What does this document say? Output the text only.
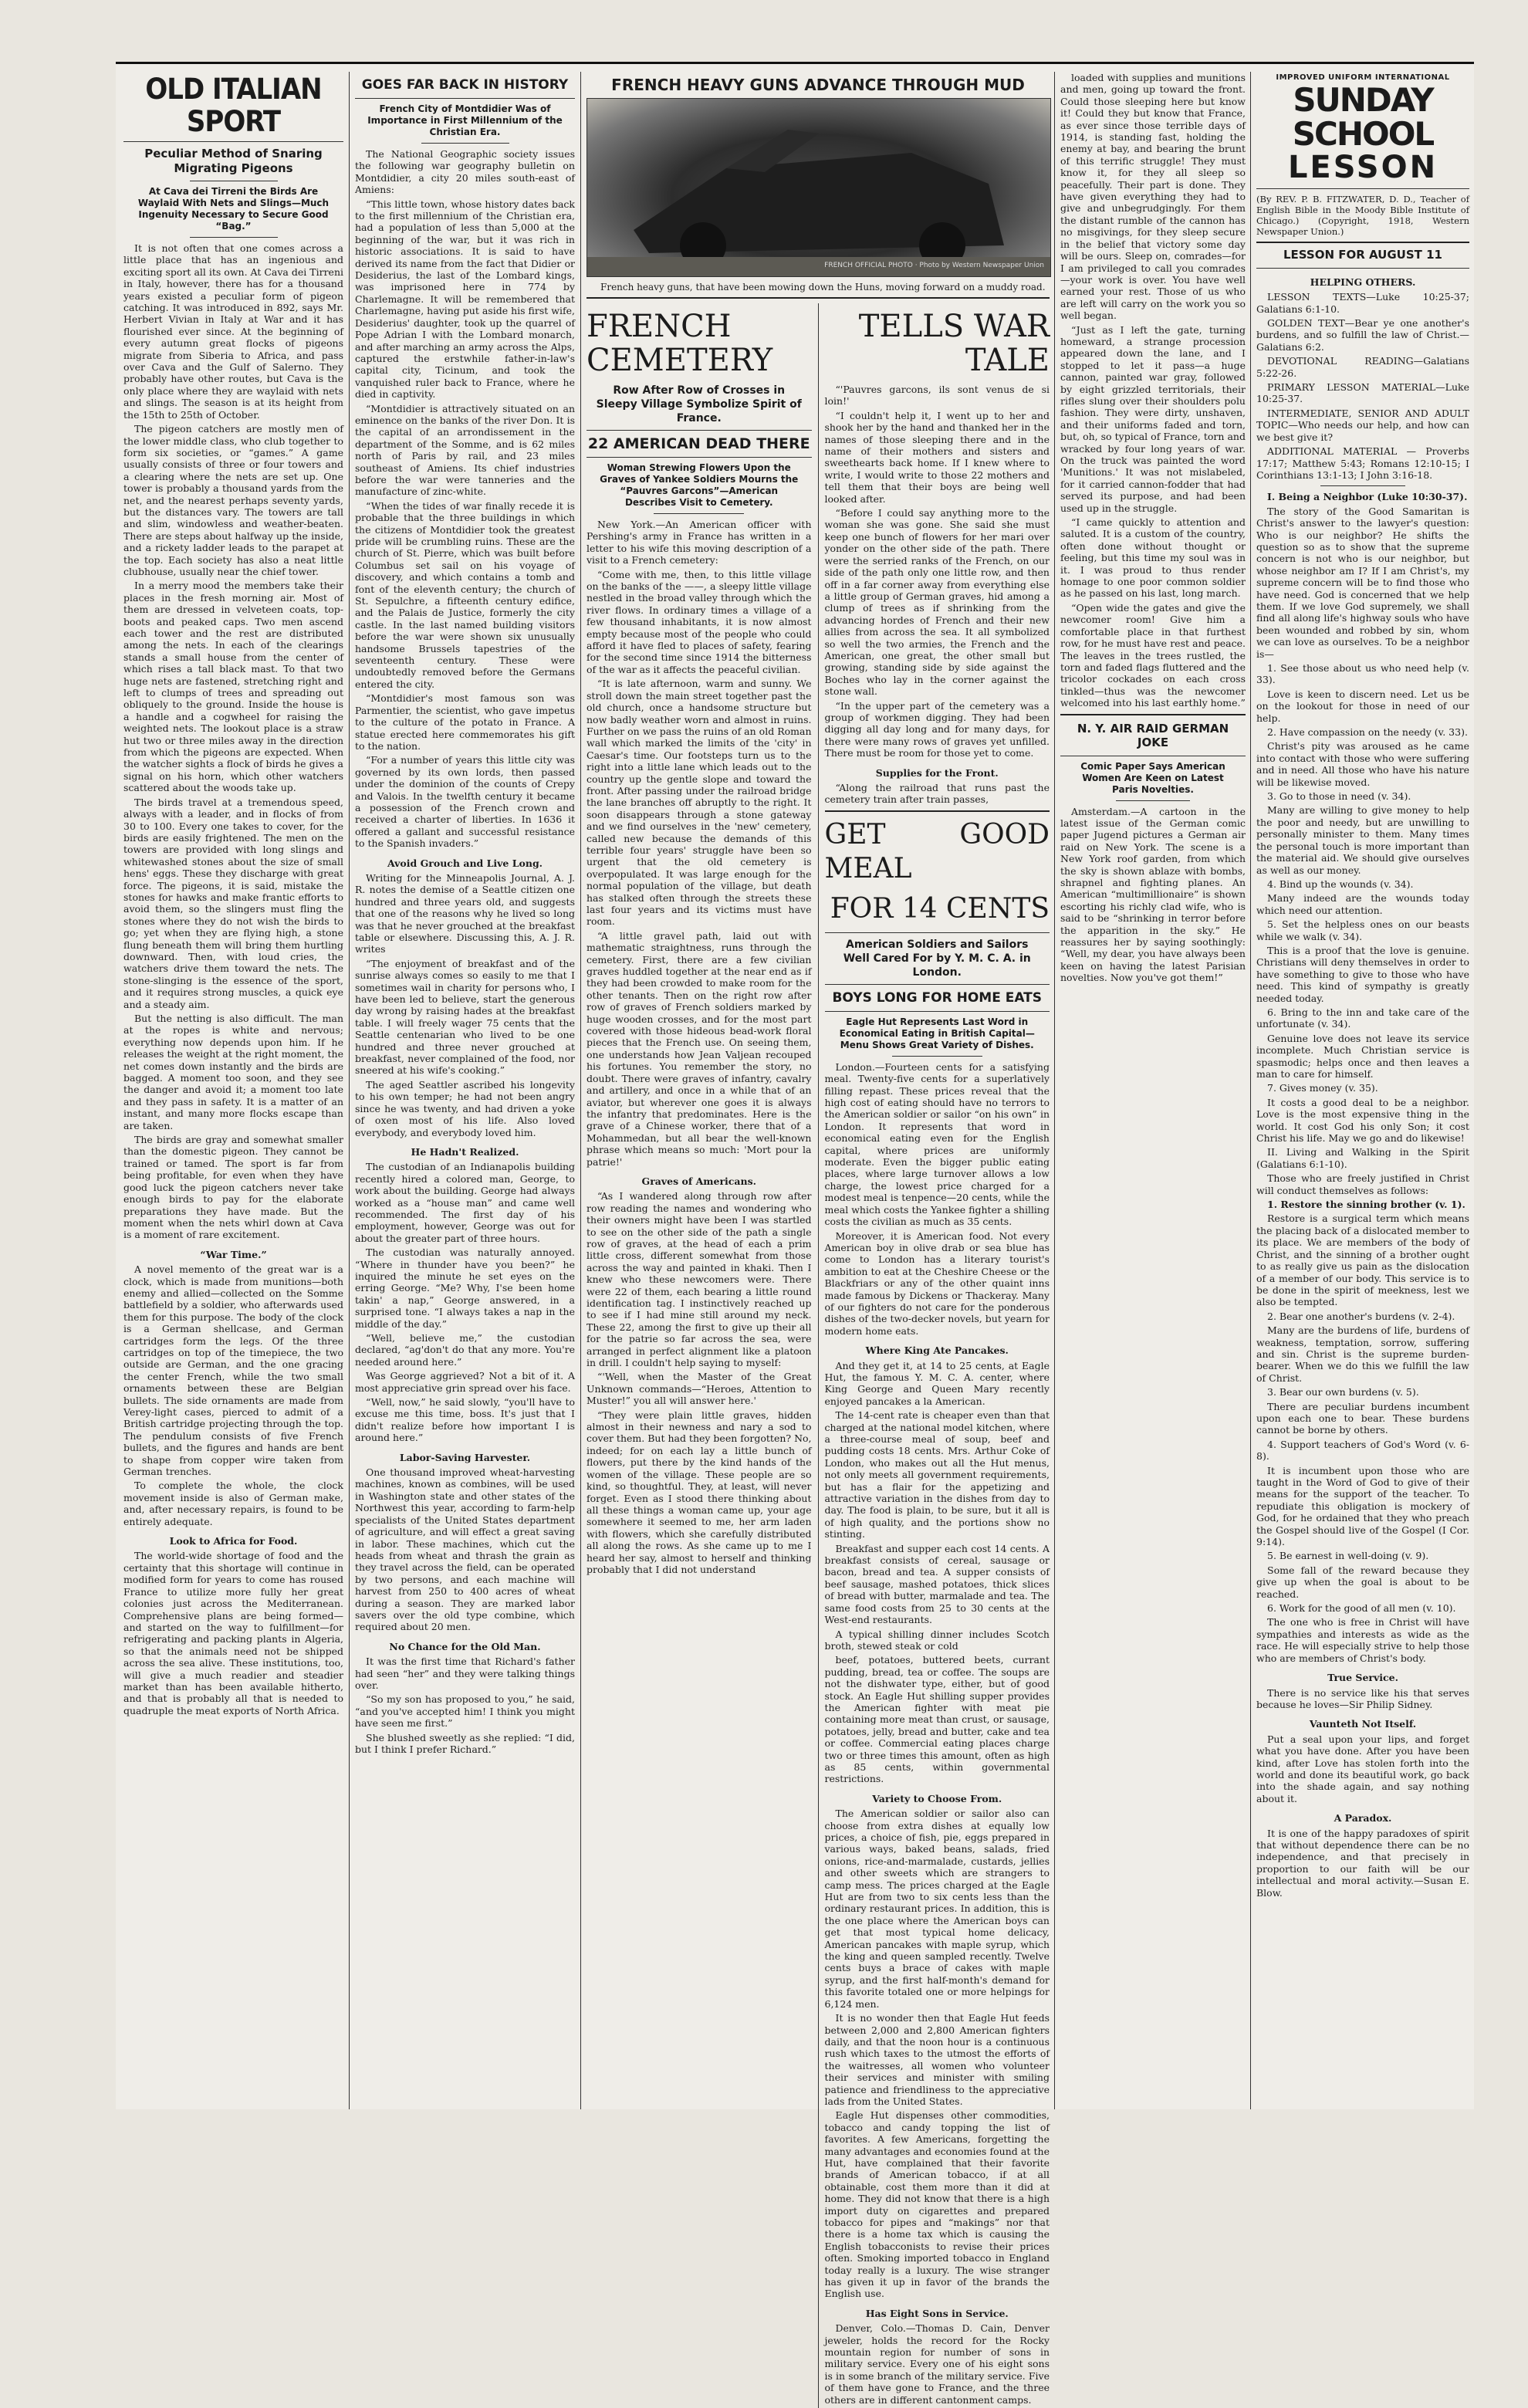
OLD ITALIAN SPORT
Peculiar Method of Snaring Migrating Pigeons
At Cava dei Tirreni the Birds Are Waylaid With Nets and Slings—Much Ingenuity Necessary to Secure Good “Bag.”

It is not often that one comes across a little place that has an ingenious and exciting sport all its own. At Cava dei Tirreni in Italy, however, there has for a thousand years existed a peculiar form of pigeon catching. It was introduced in 892, says Mr. Herbert Vivian in Italy at War and it has flourished ever since. At the beginning of every autumn great flocks of pigeons migrate from Siberia to Africa, and pass over Cava and the Gulf of Salerno. They probably have other routes, but Cava is the only place where they are waylaid with nets and slings. The season is at its height from the 15th to 25th of October.

The pigeon catchers are mostly men of the lower middle class, who club together to form six societies, or “games.” A game usually consists of three or four towers and a clearing where the nets are set up. One tower is probably a thousand yards from the net, and the nearest perhaps seventy yards, but the distances vary. The towers are tall and slim, windowless and weather-beaten. There are steps about halfway up the inside, and a rickety ladder leads to the parapet at the top. Each society has also a neat little clubhouse, usually near the chief tower.

In a merry mood the members take their places in the fresh morning air. Most of them are dressed in velveteen coats, top-boots and peaked caps. Two men ascend each tower and the rest are distributed among the nets. In each of the clearings stands a small house from the center of which rises a tall black mast. To that two huge nets are fastened, stretching right and left to clumps of trees and spreading out obliquely to the ground. Inside the house is a handle and a cogwheel for raising the weighted nets. The lookout place is a straw hut two or three miles away in the direction from which the pigeons are expected. When the watcher sights a flock of birds he gives a signal on his horn, which other watchers scattered about the woods take up.

The birds travel at a tremendous speed, always with a leader, and in flocks of from 30 to 100. Every one takes to cover, for the birds are easily frightened. The men on the towers are provided with long slings and whitewashed stones about the size of small hens' eggs. These they discharge with great force. The pigeons, it is said, mistake the stones for hawks and make frantic efforts to avoid them, so the slingers must fling the stones where they do not wish the birds to go; yet when they are flying high, a stone flung beneath them will bring them hurtling downward. Then, with loud cries, the watchers drive them toward the nets. The stone-slinging is the essence of the sport, and it requires strong muscles, a quick eye and a steady aim.

But the netting is also difficult. The man at the ropes is white and nervous; everything now depends upon him. If he releases the weight at the right moment, the net comes down instantly and the birds are bagged. A moment too soon, and they see the danger and avoid it; a moment too late and they pass in safety. It is a matter of an instant, and many more flocks escape than are taken.

The birds are gray and somewhat smaller than the domestic pigeon. They cannot be trained or tamed. The sport is far from being profitable, for even when they have good luck the pigeon catchers never take enough birds to pay for the elaborate preparations they have made. But the moment when the nets whirl down at Cava is a moment of rare excitement.

“War Time.”

A novel memento of the great war is a clock, which is made from munitions—both enemy and allied—collected on the Somme battlefield by a soldier, who afterwards used them for this purpose. The body of the clock is a German shellcase, and German cartridges form the legs. Of the three cartridges on top of the timepiece, the two outside are German, and the one gracing the center French, while the two small ornaments between these are Belgian bullets. The side ornaments are made from Verey-light cases, pierced to admit of a British cartridge projecting through the top. The pendulum consists of five French bullets, and the figures and hands are bent to shape from copper wire taken from German trenches.

To complete the whole, the clock movement inside is also of German make, and, after necessary repairs, is found to be entirely adequate.

Look to Africa for Food.

The world-wide shortage of food and the certainty that this shortage will continue in modified form for years to come has roused France to utilize more fully her great colonies just across the Mediterranean. Comprehensive plans are being formed—and started on the way to fulfillment—for refrigerating and packing plants in Algeria, so that the animals need not be shipped across the sea alive. These institutions, too, will give a much readier and steadier market than has been available hitherto, and that is probably all that is needed to quadruple the meat exports of North Africa.

GOES FAR BACK IN HISTORY
French City of Montdidier Was of Importance in First Millennium of the Christian Era.

The National Geographic society issues the following war geography bulletin on Montdidier, a city 20 miles south-east of Amiens:

“This little town, whose history dates back to the first millennium of the Christian era, had a population of less than 5,000 at the beginning of the war, but it was rich in historic associations. It is said to have derived its name from the fact that Didier or Desiderius, the last of the Lombard kings, was imprisoned here in 774 by Charlemagne. It will be remembered that Charlemagne, having put aside his first wife, Desiderius' daughter, took up the quarrel of Pope Adrian I with the Lombard monarch, and after marching an army across the Alps, captured the erstwhile father-in-law's capital city, Ticinum, and took the vanquished ruler back to France, where he died in captivity.

“Montdidier is attractively situated on an eminence on the banks of the river Don. It is the capital of an arrondissement in the department of the Somme, and is 62 miles north of Paris by rail, and 23 miles southeast of Amiens. Its chief industries before the war were tanneries and the manufacture of zinc-white.

“When the tides of war finally recede it is probable that the three buildings in which the citizens of Montdidier took the greatest pride will be crumbling ruins. These are the church of St. Pierre, which was built before Columbus set sail on his voyage of discovery, and which contains a tomb and font of the eleventh century; the church of St. Sepulchre, a fifteenth century edifice, and the Palais de Justice, formerly the city castle. In the last named building visitors before the war were shown six unusually handsome Brussels tapestries of the seventeenth century. These were undoubtedly removed before the Germans entered the city.

“Montdidier's most famous son was Parmentier, the scientist, who gave impetus to the culture of the potato in France. A statue erected here commemorates his gift to the nation.

“For a number of years this little city was governed by its own lords, then passed under the dominion of the counts of Crepy and Valois. In the twelfth century it became a possession of the French crown and received a charter of liberties. In 1636 it offered a gallant and successful resistance to the Spanish invaders.”

Avoid Grouch and Live Long.

Writing for the Minneapolis Journal, A. J. R. notes the demise of a Seattle citizen one hundred and three years old, and suggests that one of the reasons why he lived so long was that he never grouched at the breakfast table or elsewhere. Discussing this, A. J. R. writes

“The enjoyment of breakfast and of the sunrise always comes so easily to me that I sometimes wail in charity for persons who, I have been led to believe, start the generous day wrong by raising hades at the breakfast table. I will freely wager 75 cents that the Seattle centenarian who lived to be one hundred and three never grouched at breakfast, never complained of the food, nor sneered at his wife's cooking.”

The aged Seattler ascribed his longevity to his own temper; he had not been angry since he was twenty, and had driven a yoke of oxen most of his life. Also loved everybody, and everybody loved him.

He Hadn't Realized.

The custodian of an Indianapolis building recently hired a colored man, George, to work about the building. George had always worked as a “house man” and came well recommended. The first day of his employment, however, George was out for about the greater part of three hours.

The custodian was naturally annoyed. “Where in thunder have you been?” he inquired the minute he set eyes on the erring George. “Me? Why, I'se been home takin' a nap,” George answered, in a surprised tone. “I always takes a nap in the middle of the day.”

“Well, believe me,” the custodian declared, “ag'don't do that any more. You're needed around here.”

Was George aggrieved? Not a bit of it. A most appreciative grin spread over his face.

“Well, now,” he said slowly, “you'll have to excuse me this time, boss. It's just that I didn't realize before how important I is around here.”

Labor-Saving Harvester.

One thousand improved wheat-harvesting machines, known as combines, will be used in Washington state and other states of the Northwest this year, according to farm-help specialists of the United States department of agriculture, and will effect a great saving in labor. These machines, which cut the heads from wheat and thrash the grain as they travel across the field, can be operated by two persons, and each machine will harvest from 250 to 400 acres of wheat during a season. They are marked labor savers over the old type combine, which required about 20 men.

No Chance for the Old Man.

It was the first time that Richard's father had seen “her” and they were talking things over.

“So my son has proposed to you,” he said, “and you've accepted him! I think you might have seen me first.”

She blushed sweetly as she replied: “I did, but I think I prefer Richard.”

FRENCH HEAVY GUNS ADVANCE THROUGH MUD
FRENCH OFFICIAL PHOTO · Photo by Western Newspaper Union
French heavy guns, that have been mowing down the Huns, moving forward on a muddy road.
FRENCH CEMETERY
Row After Row of Crosses in Sleepy Village Symbolize Spirit of France.
22 AMERICAN DEAD THERE
Woman Strewing Flowers Upon the Graves of Yankee Soldiers Mourns the “Pauvres Garcons”—American Describes Visit to Cemetery.

New York.—An American officer with Pershing's army in France has written in a letter to his wife this moving description of a visit to a French cemetery:

“Come with me, then, to this little village on the banks of the ——, a sleepy little village nestled in the broad valley through which the river flows. In ordinary times a village of a few thousand inhabitants, it is now almost empty because most of the people who could afford it have fled to places of safety, fearing for the second time since 1914 the bitterness of the war as it affects the peaceful civilian.

“It is late afternoon, warm and sunny. We stroll down the main street together past the old church, once a handsome structure but now badly weather worn and almost in ruins. Further on we pass the ruins of an old Roman wall which marked the limits of the 'city' in Caesar's time. Our footsteps turn us to the right into a little lane which leads out to the country up the gentle slope and toward the front. After passing under the railroad bridge the lane branches off abruptly to the right. It soon disappears through a stone gateway and we find ourselves in the 'new' cemetery, called new because the demands of this terrible four years' struggle have been so urgent that the old cemetery is overpopulated. It was large enough for the normal population of the village, but death has stalked often through the streets these last four years and its victims must have room.

“A little gravel path, laid out with mathematic straightness, runs through the cemetery. First, there are a few civilian graves huddled together at the near end as if they had been crowded to make room for the other tenants. Then on the right row after row of graves of French soldiers marked by huge wooden crosses, and for the most part covered with those hideous bead-work floral pieces that the French use. On seeing them, one understands how Jean Valjean recouped his fortunes. You remember the story, no doubt. There were graves of infantry, cavalry and artillery, and once in a while that of an aviator, but wherever one goes it is always the infantry that predominates. Here is the grave of a Chinese worker, there that of a Mohammedan, but all bear the well-known phrase which means so much: 'Mort pour la patrie!'

Graves of Americans.

“As I wandered along through row after row reading the names and wondering who their owners might have been I was startled to see on the other side of the path a single row of graves, at the head of each a prim little cross, different somewhat from those across the way and painted in khaki. Then I knew who these newcomers were. There were 22 of them, each bearing a little round identification tag. I instinctively reached up to see if I had mine still around my neck. These 22, among the first to give up their all for the patrie so far across the sea, were arranged in perfect alignment like a platoon in drill. I couldn't help saying to myself:

“'Well, when the Master of the Great Unknown commands—“Heroes, Attention to Muster!” you all will answer here.'

“They were plain little graves, hidden almost in their newness and nary a sod to cover them. But had they been forgotten? No, indeed; for on each lay a little bunch of flowers, put there by the kind hands of the women of the village. These people are so kind, so thoughtful. They, at least, will never forget. Even as I stood there thinking about all these things a woman came up, your age somewhere it seemed to me, her arm laden with flowers, which she carefully distributed all along the rows. As she came up to me I heard her say, almost to herself and thinking probably that I did not understand

TELLS WAR TALE

“'Pauvres garcons, ils sont venus de si loin!'

“I couldn't help it, I went up to her and shook her by the hand and thanked her in the names of those sleeping there and in the name of their mothers and sisters and sweethearts back home. If I knew where to write, I would write to those 22 mothers and tell them that their boys are being well looked after.

“Before I could say anything more to the woman she was gone. She said she must keep one bunch of flowers for her mari over yonder on the other side of the path. There were the serried ranks of the French, on our side of the path only one little row, and then off in a far corner away from everything else a little group of German graves, hid among a clump of trees as if shrinking from the advancing hordes of French and their new allies from across the sea. It all symbolized so well the two armies, the French and the American, one great, the other small but growing, standing side by side against the Boches who lay in the corner against the stone wall.

“In the upper part of the cemetery was a group of workmen digging. They had been digging all day long and for many days, for there were many rows of graves yet unfilled. There must be room for those yet to come.

Supplies for the Front.

“Along the railroad that runs past the cemetery train after train passes,

GET GOOD MEAL
FOR 14 CENTS
American Soldiers and Sailors Well Cared For by Y. M. C. A. in London.
BOYS LONG FOR HOME EATS
Eagle Hut Represents Last Word in Economical Eating in British Capital—Menu Shows Great Variety of Dishes.

London.—Fourteen cents for a satisfying meal. Twenty-five cents for a superlatively filling repast. These prices reveal that the high cost of eating should have no terrors to the American soldier or sailor “on his own” in London. It represents that word in economical eating even for the English capital, where prices are uniformly moderate. Even the bigger public eating places, where large turnover allows a low charge, the lowest price charged for a modest meal is tenpence—20 cents, while the meal which costs the Yankee fighter a shilling costs the civilian as much as 35 cents.

Moreover, it is American food. Not every American boy in olive drab or sea blue has come to London has a literary tourist's ambition to eat at the Cheshire Cheese or the Blackfriars or any of the other quaint inns made famous by Dickens or Thackeray. Many of our fighters do not care for the ponderous dishes of the two-decker novels, but yearn for modern home eats.

Where King Ate Pancakes.

And they get it, at 14 to 25 cents, at Eagle Hut, the famous Y. M. C. A. center, where King George and Queen Mary recently enjoyed pancakes a la American.

The 14-cent rate is cheaper even than that charged at the national model kitchen, where a three-course meal of soup, beef and pudding costs 18 cents. Mrs. Arthur Coke of London, who makes out all the Hut menus, not only meets all government requirements, but has a flair for the appetizing and attractive variation in the dishes from day to day. The food is plain, to be sure, but it all is of high quality, and the portions show no stinting.

Breakfast and supper each cost 14 cents. A breakfast consists of cereal, sausage or bacon, bread and tea. A supper consists of beef sausage, mashed potatoes, thick slices of bread with butter, marmalade and tea. The same food costs from 25 to 30 cents at the West-end restaurants.

A typical shilling dinner includes Scotch broth, stewed steak or cold

beef, potatoes, buttered beets, currant pudding, bread, tea or coffee. The soups are not the dishwater type, either, but of good stock. An Eagle Hut shilling supper provides the American fighter with meat pie containing more meat than crust, or sausage, potatoes, jelly, bread and butter, cake and tea or coffee. Commercial eating places charge two or three times this amount, often as high as 85 cents, within governmental restrictions.

Variety to Choose From.

The American soldier or sailor also can choose from extra dishes at equally low prices, a choice of fish, pie, eggs prepared in various ways, baked beans, salads, fried onions, rice-and-marmalade, custards, jellies and other sweets which are strangers to camp mess. The prices charged at the Eagle Hut are from two to six cents less than the ordinary restaurant prices. In addition, this is the one place where the American boys can get that most typical home delicacy, American pancakes with maple syrup, which the king and queen sampled recently. Twelve cents buys a brace of cakes with maple syrup, and the first half-month's demand for this favorite totaled one or more helpings for 6,124 men.

It is no wonder then that Eagle Hut feeds between 2,000 and 2,800 American fighters daily, and that the noon hour is a continuous rush which taxes to the utmost the efforts of the waitresses, all women who volunteer their services and minister with smiling patience and friendliness to the appreciative lads from the United States.

Eagle Hut dispenses other commodities, tobacco and candy topping the list of favorites. A few Americans, forgetting the many advantages and economies found at the Hut, have complained that their favorite brands of American tobacco, if at all obtainable, cost them more than it did at home. They did not know that there is a high import duty on cigarettes and prepared tobacco for pipes and “makings” nor that there is a home tax which is causing the English tobacconists to revise their prices often. Smoking imported tobacco in England today really is a luxury. The wise stranger has given it up in favor of the brands the English use.

Has Eight Sons in Service.

Denver, Colo.—Thomas D. Cain, Denver jeweler, holds the record for the Rocky mountain region for number of sons in military service. Every one of his eight sons is in some branch of the military service. Five of them have gone to France, and the three others are in different cantonment camps.

loaded with supplies and munitions and men, going up toward the front. Could those sleeping here but know it! Could they but know that France, as ever since those terrible days of 1914, is standing fast, holding the enemy at bay, and bearing the brunt of this terrific struggle! They must know it, for they all sleep so peacefully. Their part is done. They have given everything they had to give and unbegrudgingly. For them the distant rumble of the cannon has no misgivings, for they sleep secure in the belief that victory some day will be ours. Sleep on, comrades—for I am privileged to call you comrades—your work is over. You have well earned your rest. Those of us who are left will carry on the work you so well began.

“Just as I left the gate, turning homeward, a strange procession appeared down the lane, and I stopped to let it pass—a huge cannon, painted war gray, followed by eight grizzled territorials, their rifles slung over their shoulders polu fashion. They were dirty, unshaven, and their uniforms faded and torn, but, oh, so typical of France, torn and wracked by four long years of war. On the truck was painted the word 'Munitions.' It was not mislabeled, for it carried cannon-fodder that had served its purpose, and had been used up in the struggle.

“I came quickly to attention and saluted. It is a custom of the country, often done without thought or feeling, but this time my soul was in it. I was proud to thus render homage to one poor common soldier as he passed on his last, long march.

“Open wide the gates and give the newcomer room! Give him a comfortable place in that furthest row, for he must have rest and peace. The leaves in the trees rustled, the torn and faded flags fluttered and the tricolor cockades on each cross tinkled—thus was the newcomer welcomed into his last earthly home.”

N. Y. AIR RAID GERMAN JOKE
Comic Paper Says American Women Are Keen on Latest Paris Novelties.

Amsterdam.—A cartoon in the latest issue of the German comic paper Jugend pictures a German air raid on New York. The scene is a New York roof garden, from which the sky is shown ablaze with bombs, shrapnel and fighting planes. An American “multimillionaire” is shown escorting his richly clad wife, who is said to be “shrinking in terror before the apparition in the sky.” He reassures her by saying soothingly: “Well, my dear, you have always been keen on having the latest Parisian novelties. Now you've got them!”

IMPROVED UNIFORM INTERNATIONAL
SUNDAY SCHOOL
LESSON
(By REV. P. B. FITZWATER, D. D., Teacher of English Bible in the Moody Bible Institute of Chicago.) (Copyright, 1918, Western Newspaper Union.)
LESSON FOR AUGUST 11
HELPING OTHERS.

LESSON TEXTS—Luke 10:25-37; Galatians 6:1-10.

GOLDEN TEXT—Bear ye one another's burdens, and so fulfill the law of Christ.—Galatians 6:2.

DEVOTIONAL READING—Galatians 5:22-26.

PRIMARY LESSON MATERIAL—Luke 10:25-37.

INTERMEDIATE, SENIOR AND ADULT TOPIC—Who needs our help, and how can we best give it?

ADDITIONAL MATERIAL — Proverbs 17:17; Matthew 5:43; Romans 12:10-15; I Corinthians 13:1-13; I John 3:16-18.

I. Being a Neighbor (Luke 10:30-37).

The story of the Good Samaritan is Christ's answer to the lawyer's question: Who is our neighbor? He shifts the question so as to show that the supreme concern is not who is our neighbor, but whose neighbor am I? If I am Christ's, my supreme concern will be to find those who have need. God is concerned that we help them. If we love God supremely, we shall find all along life's highway souls who have been wounded and robbed by sin, whom we can love as ourselves. To be a neighbor is—

1. See those about us who need help (v. 33).

Love is keen to discern need. Let us be on the lookout for those in need of our help.

2. Have compassion on the needy (v. 33).

Christ's pity was aroused as he came into contact with those who were suffering and in need. All those who have his nature will be likewise moved.

3. Go to those in need (v. 34).

Many are willing to give money to help the poor and needy, but are unwilling to personally minister to them. Many times the personal touch is more important than the material aid. We should give ourselves as well as our money.

4. Bind up the wounds (v. 34).

Many indeed are the wounds today which need our attention.

5. Set the helpless ones on our beasts while we walk (v. 34).

This is a proof that the love is genuine. Christians will deny themselves in order to have something to give to those who have need. This kind of sympathy is greatly needed today.

6. Bring to the inn and take care of the unfortunate (v. 34).

Genuine love does not leave its service incomplete. Much Christian service is spasmodic; helps once and then leaves a man to care for himself.

7. Gives money (v. 35).

It costs a good deal to be a neighbor. Love is the most expensive thing in the world. It cost God his only Son; it cost Christ his life. May we go and do likewise!

II. Living and Walking in the Spirit (Galatians 6:1-10).

Those who are freely justified in Christ will conduct themselves as follows:

1. Restore the sinning brother (v. 1).

Restore is a surgical term which means the placing back of a dislocated member to its place. We are members of the body of Christ, and the sinning of a brother ought to as really give us pain as the dislocation of a member of our body. This service is to be done in the spirit of meekness, lest we also be tempted.

2. Bear one another's burdens (v. 2-4).

Many are the burdens of life, burdens of weakness, temptation, sorrow, suffering and sin. Christ is the supreme burden-bearer. When we do this we fulfill the law of Christ.

3. Bear our own burdens (v. 5).

There are peculiar burdens incumbent upon each one to bear. These burdens cannot be borne by others.

4. Support teachers of God's Word (v. 6-8).

It is incumbent upon those who are taught in the Word of God to give of their means for the support of the teacher. To repudiate this obligation is mockery of God, for he ordained that they who preach the Gospel should live of the Gospel (I Cor. 9:14).

5. Be earnest in well-doing (v. 9).

Some fall of the reward because they give up when the goal is about to be reached.

6. Work for the good of all men (v. 10).

The one who is free in Christ will have sympathies and interests as wide as the race. He will especially strive to help those who are members of Christ's body.

True Service.

There is no service like his that serves because he loves—Sir Philip Sidney.

Vaunteth Not Itself.

Put a seal upon your lips, and forget what you have done. After you have been kind, after Love has stolen forth into the world and done its beautiful work, go back into the shade again, and say nothing about it.

A Paradox.

It is one of the happy paradoxes of spirit that without dependence there can be no independence, and that precisely in proportion to our faith will be our intellectual and moral activity.—Susan E. Blow.
